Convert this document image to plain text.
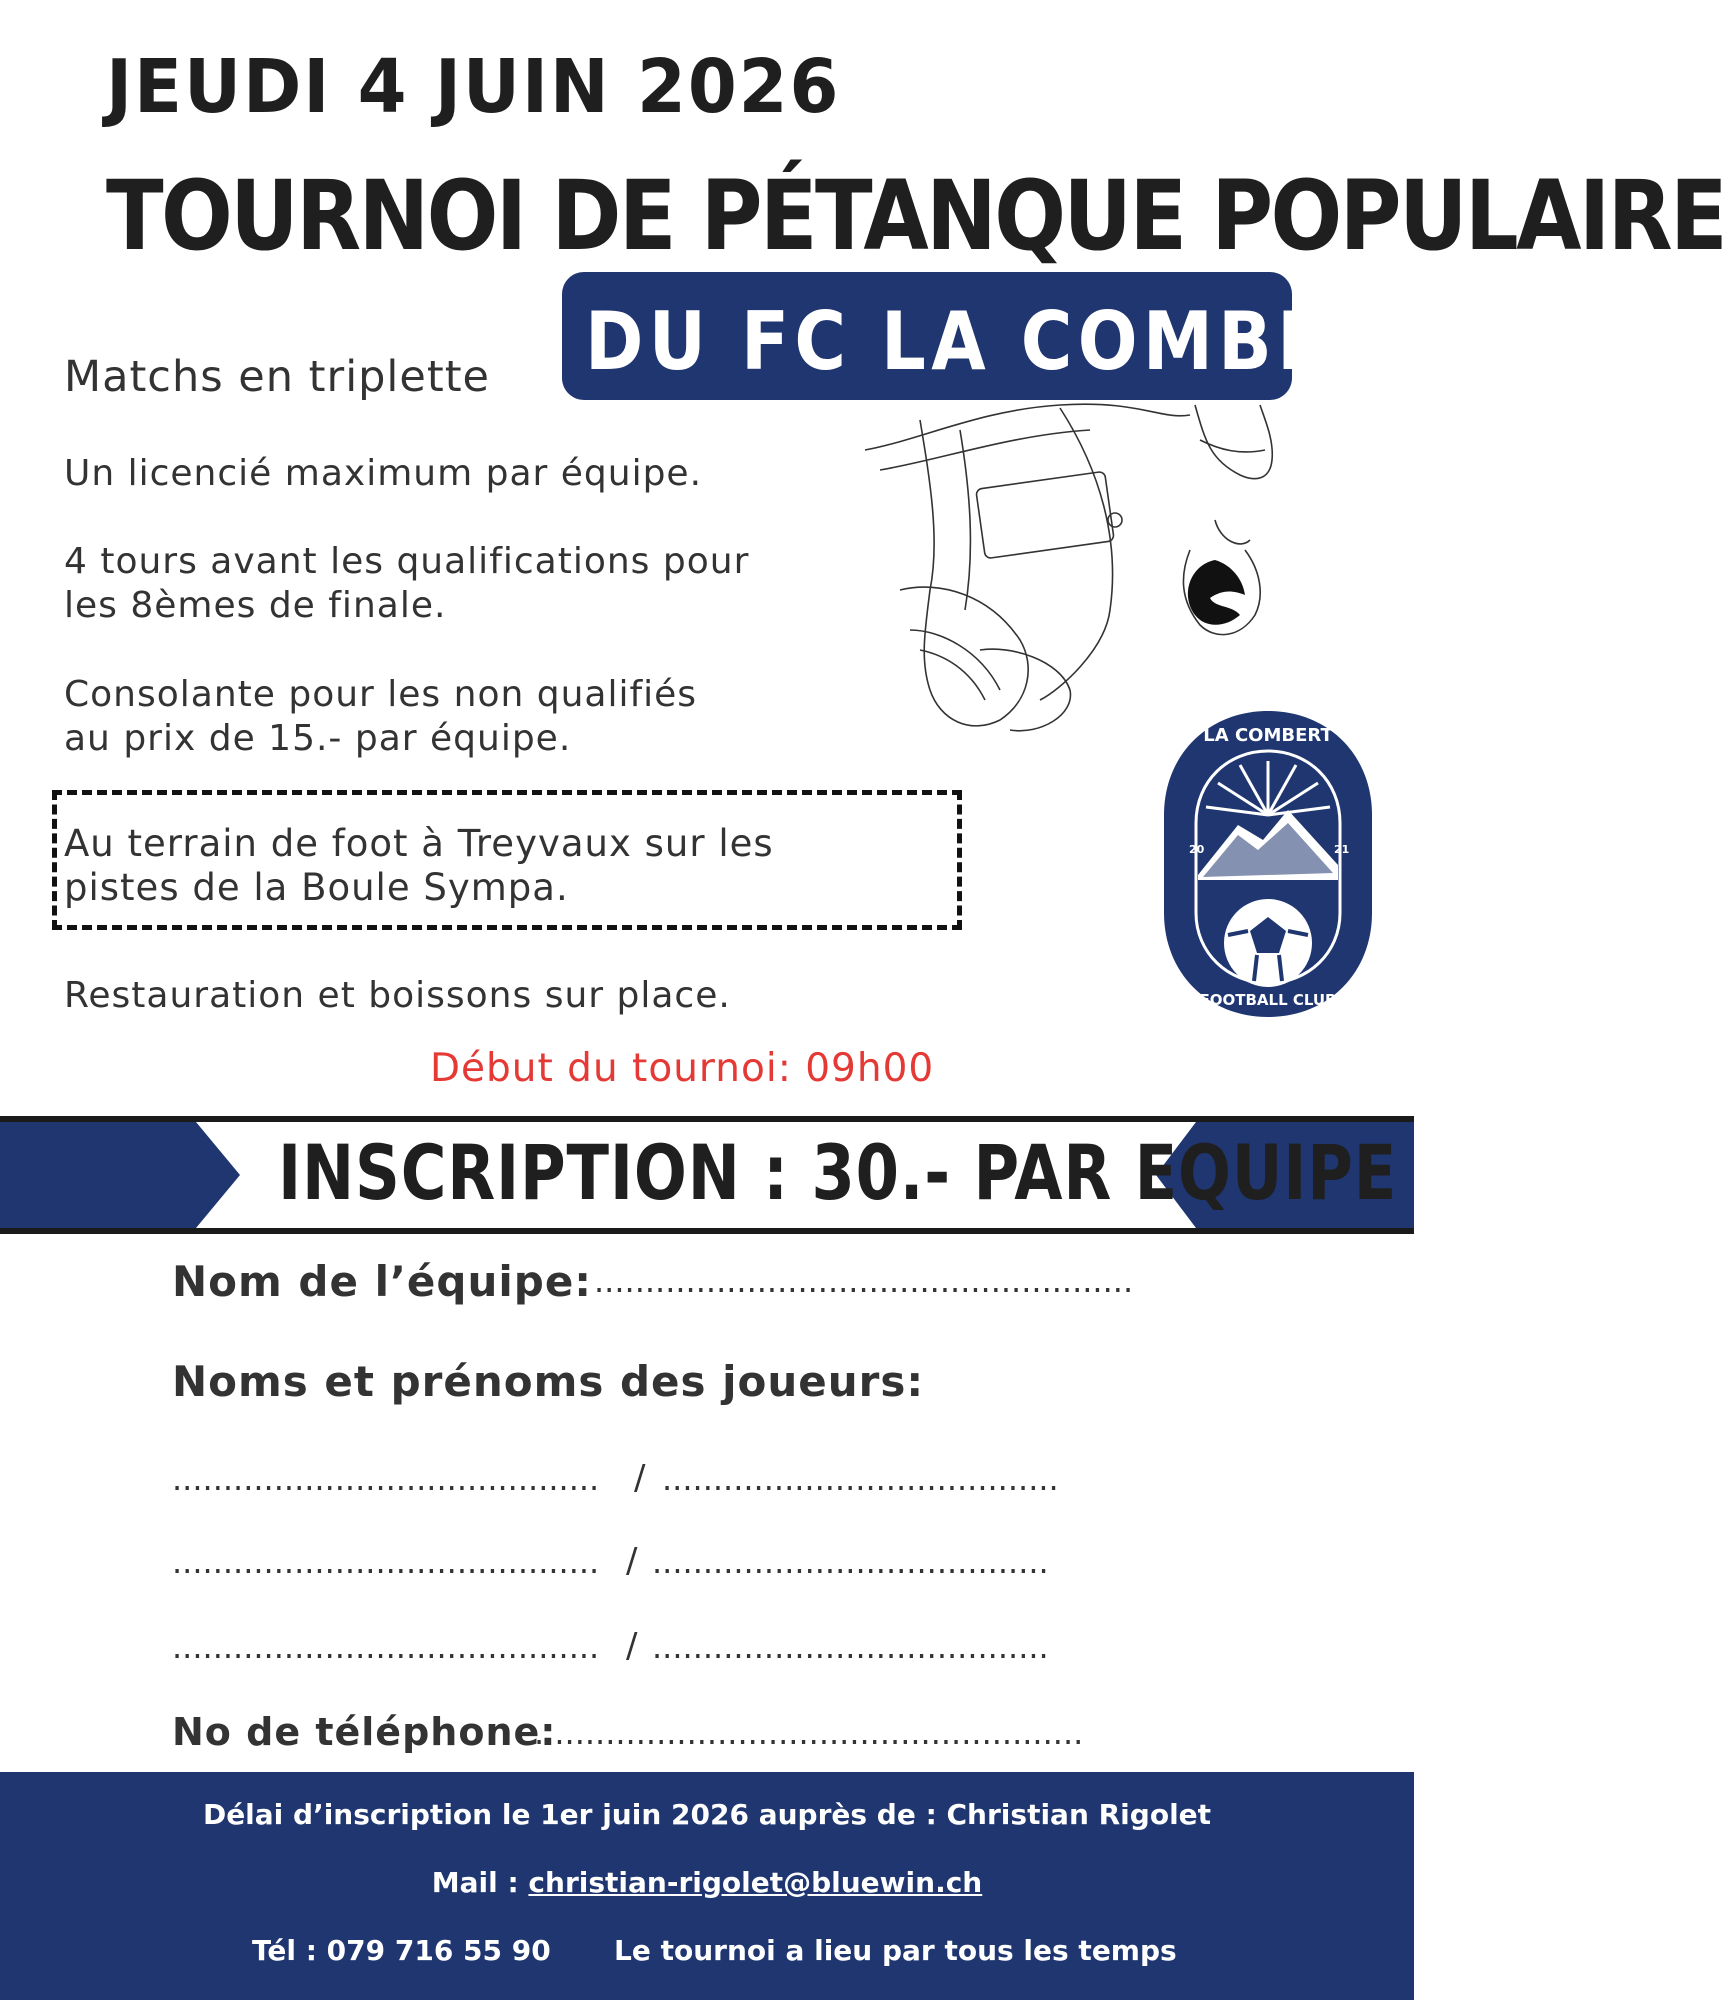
JEUDI 4 JUIN 2026
TOURNOI DE PÉTANQUE POPULAIRE
DU FC LA COMBERT
Matchs en triplette
Un licencié maximum par équipe.
4 tours avant les qualifications pour
les 8èmes de finale.
Consolante pour les non qualifiés
au prix de 15.- par équipe.
Au terrain de foot à Treyvaux sur les
pistes de la Boule Sympa.
Restauration et boissons sur place.
Début du tournoi: 09h00
20	21
LA COMBERT
FOOTBALL CLUB
INSCRIPTION : 30.- PAR EQUIPE
Nom de l’équipe: .....................................................
Noms et prénoms des joueurs:
..........................................	/ .......................................
.......................................... / .......................................
.......................................... / .......................................
No de téléphone:
......................................................
Délai d’inscription le 1er juin 2026 auprès de : Christian Rigolet
Mail : christian-rigolet@bluewin.ch
Tél : 079 716 55 90 Le tournoi a lieu par tous les temps
